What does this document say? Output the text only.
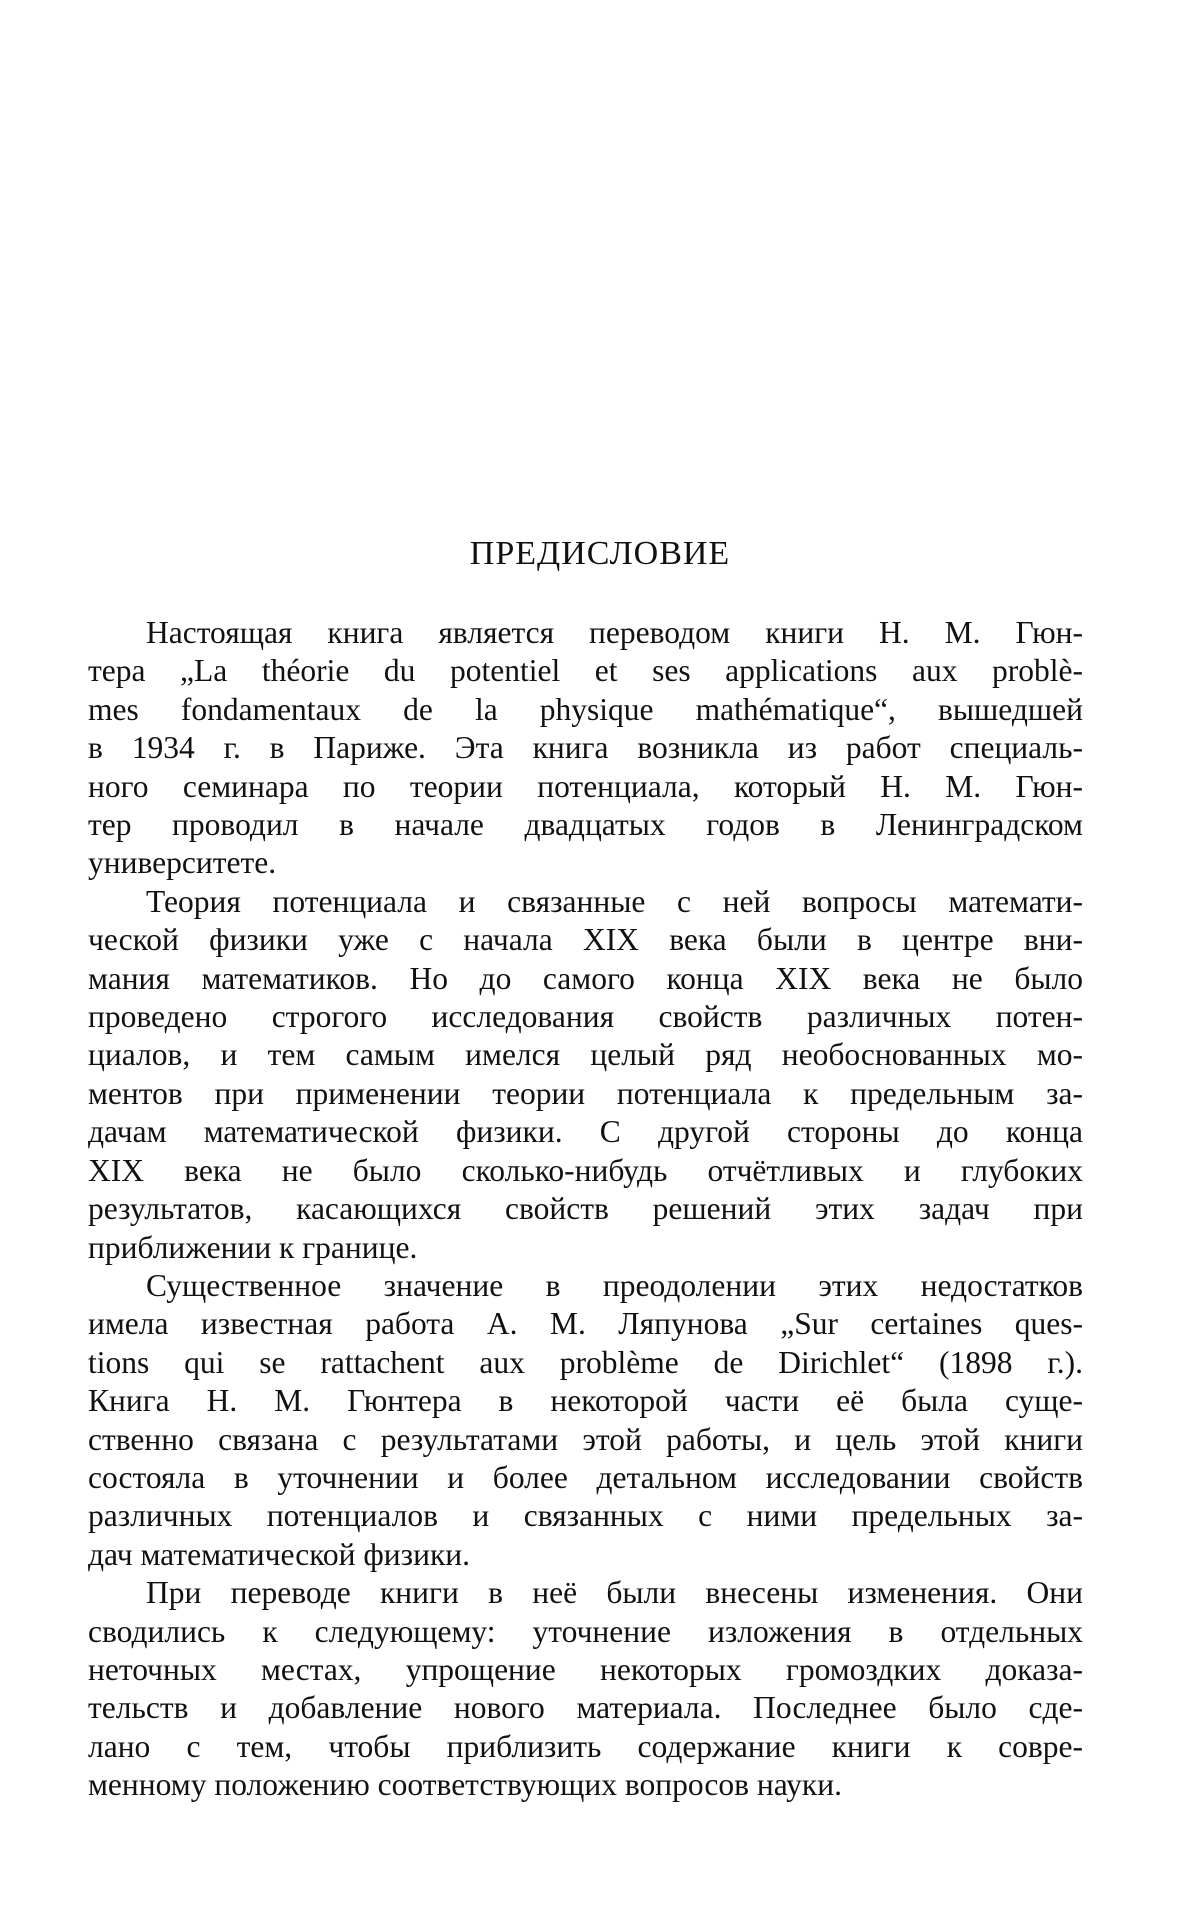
ПРЕДИСЛОВИЕ

Настоящая книга является переводом книги Н. М. Гюн-
тера „La théorie du potentiel et ses applications aux problè-
mes fondamentaux de la physique mathématique“, вышедшей
в 1934 г. в Париже. Эта книга возникла из работ специаль-
ного семинара по теории потенциала, который Н. М. Гюн-
тер проводил в начале двадцатых годов в Ленинградском
университете.

Теория потенциала и связанные с ней вопросы математи-
ческой физики уже с начала XIX века были в центре вни-
мания математиков. Но до самого конца XIX века не было
проведено строгого исследования свойств различных потен-
циалов, и тем самым имелся целый ряд необоснованных мо-
ментов при применении теории потенциала к предельным за-
дачам математической физики. С другой стороны до конца
XIX века не было сколько-нибудь отчётливых и глубоких
результатов, касающихся свойств решений этих задач при
приближении к границе.

Существенное значение в преодолении этих недостатков
имела известная работа А. М. Ляпунова „Sur certaines ques-
tions qui se rattachent aux problème de Dirichlet“ (1898 г.).
Книга Н. М. Гюнтера в некоторой части её была суще-
ственно связана с результатами этой работы, и цель этой книги
состояла в уточнении и более детальном исследовании свойств
различных потенциалов и связанных с ними предельных за-
дач математической физики.

При переводе книги в неё были внесены изменения. Они
сводились к следующему: уточнение изложения в отдельных
неточных местах, упрощение некоторых громоздких доказа-
тельств и добавление нового материала. Последнее было сде-
лано с тем, чтобы приблизить содержание книги к совре-
менному положению соответствующих вопросов науки.
